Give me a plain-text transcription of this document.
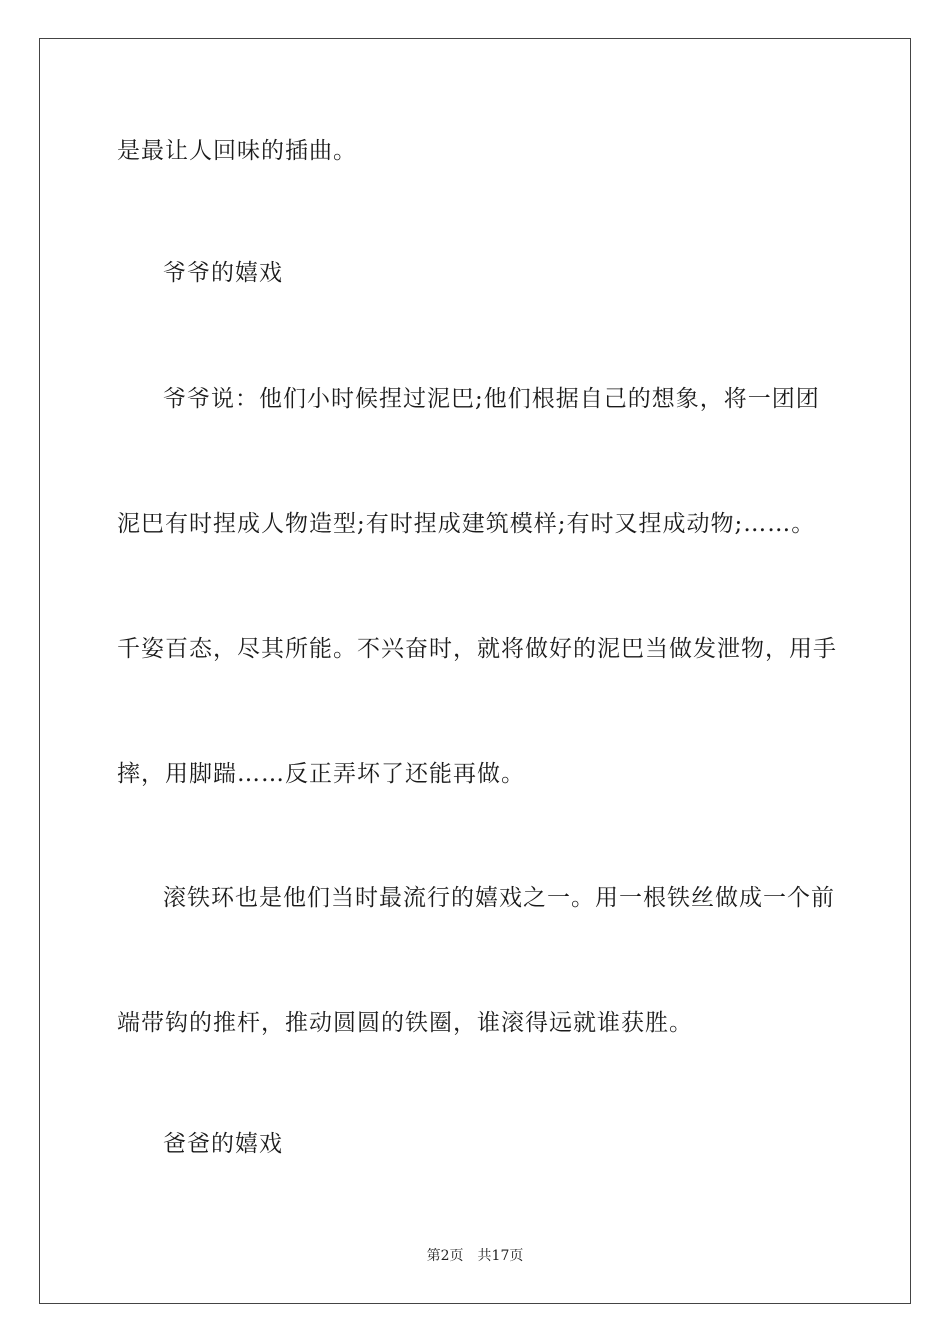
是最让人回味的插曲。
爷爷的嬉戏
爷爷说：他们小时候捏过泥巴;他们根据自己的想象，将一团团
泥巴有时捏成人物造型;有时捏成建筑模样;有时又捏成动物;……。
千姿百态，尽其所能。不兴奋时，就将做好的泥巴当做发泄物，用手
摔，用脚踹……反正弄坏了还能再做。
滚铁环也是他们当时最流行的嬉戏之一。用一根铁丝做成一个前
端带钩的推杆，推动圆圆的铁圈，谁滚得远就谁获胜。
爸爸的嬉戏
第2页 共17页
